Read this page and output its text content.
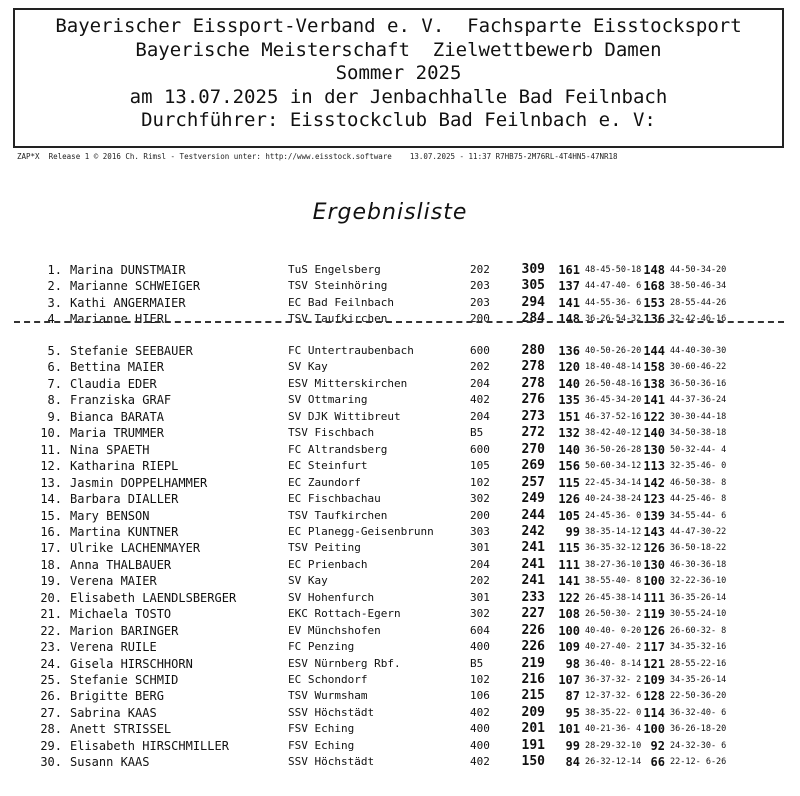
Bayerischer Eissport-Verband e. V.  Fachsparte Eisstocksport
Bayerische Meisterschaft  Zielwettbewerb Damen
Sommer 2025
am 13.07.2025 in der Jenbachhalle Bad Feilnbach
Durchführer: Eisstockclub Bad Feilnbach e. V:
ZAP*X  Release 1 © 2016 Ch. Rimsl - Testversion unter: http://www.eisstock.software    13.07.2025 - 11:37 R7HB75-2M76RL-4T4HN5-47NR18
Ergebnisliste
1. Marina DUNSTMAIR	TuS Engelsberg	202	309 161 48-45-50-18 148 44-50-34-20
2. Marianne SCHWEIGER	TSV Steinhöring	203	305 137 44-47-40- 6 168 38-50-46-34
3. Kathi ANGERMAIER	EC Bad Feilnbach	203	294 141 44-55-36- 6 153 28-55-44-26
4. Marianne HIERL	TSV Taufkirchen	200	284 148 36-26-54-32 136 32-42-46-16
5. Stefanie SEEBAUER	FC Untertraubenbach	600	280 136 40-50-26-20 144 44-40-30-30
6. Bettina MAIER	SV Kay	202	278 120 18-40-48-14 158 30-60-46-22
7. Claudia EDER	ESV Mitterskirchen	204	278 140 26-50-48-16 138 36-50-36-16
8. Franziska GRAF	SV Ottmaring	402	276 135 36-45-34-20 141 44-37-36-24
9. Bianca BARATA	SV DJK Wittibreut	204	273 151 46-37-52-16 122 30-30-44-18
10. Maria TRUMMER	TSV Fischbach	B5	272 132 38-42-40-12 140 34-50-38-18
11. Nina SPAETH	FC Altrandsberg	600	270 140 36-50-26-28 130 50-32-44- 4
12. Katharina RIEPL	EC Steinfurt	105	269 156 50-60-34-12 113 32-35-46- 0
13. Jasmin DOPPELHAMMER	EC Zaundorf	102	257 115 22-45-34-14 142 46-50-38- 8
14. Barbara DIALLER	EC Fischbachau	302	249 126 40-24-38-24 123 44-25-46- 8
15. Mary BENSON	TSV Taufkirchen	200	244 105 24-45-36- 0 139 34-55-44- 6
16. Martina KUNTNER	EC Planegg-Geisenbrunn	303	242	99 38-35-14-12 143 44-47-30-22
17. Ulrike LACHENMAYER	TSV Peiting	301	241 115 36-35-32-12 126 36-50-18-22
18. Anna THALBAUER	EC Prienbach	204	241 111 38-27-36-10 130 46-30-36-18
19. Verena MAIER	SV Kay	202	241 141 38-55-40- 8 100 32-22-36-10
20. Elisabeth LAENDLSBERGER	SV Hohenfurch	301	233 122 26-45-38-14 111 36-35-26-14
21. Michaela TOSTO	EKC Rottach-Egern	302	227 108 26-50-30- 2 119 30-55-24-10
22. Marion BARINGER	EV Münchshofen	604	226 100 40-40- 0-20 126 26-60-32- 8
23. Verena RUILE	FC Penzing	400	226 109 40-27-40- 2 117 34-35-32-16
24. Gisela HIRSCHHORN	ESV Nürnberg Rbf.	B5	219	98 36-40- 8-14 121 28-55-22-16
25. Stefanie SCHMID	EC Schondorf	102	216 107 36-37-32- 2 109 34-35-26-14
26. Brigitte BERG	TSV Wurmsham	106	215	87 12-37-32- 6 128 22-50-36-20
27. Sabrina KAAS	SSV Höchstädt	402	209	95 38-35-22- 0 114 36-32-40- 6
28. Anett STRISSEL	FSV Eching	400	201 101 40-21-36- 4 100 36-26-18-20
29. Elisabeth HIRSCHMILLER	FSV Eching	400	191	99 28-29-32-10 92 24-32-30- 6
30. Susann KAAS	SSV Höchstädt	402	150	84 26-32-12-14 66 22-12- 6-26
